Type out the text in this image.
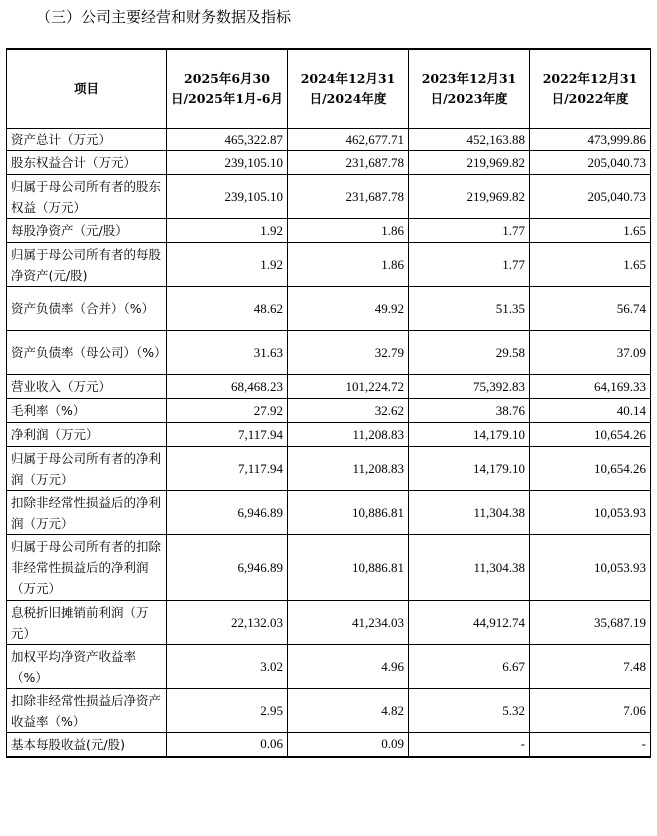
（三）公司主要经营和财务数据及指标
项目	2025年6月30日/2025年1月-6月	2024年12月31日/2024年度	2023年12月31日/2023年度	2022年12月31日/2022年度
资产总计（万元）	465,322.87	462,677.71	452,163.88	473,999.86
股东权益合计（万元）	239,105.10	231,687.78	219,969.82	205,040.73
归属于母公司所有者的股东权益（万元）	239,105.10	231,687.78	219,969.82	205,040.73
每股净资产（元/股）	1.92	1.86	1.77	1.65
归属于母公司所有者的每股净资产(元/股)	1.92	1.86	1.77	1.65
资产负债率（合并）（%）	48.62	49.92	51.35	56.74
资产负债率（母公司）（%）	31.63	32.79	29.58	37.09
营业收入（万元）	68,468.23	101,224.72	75,392.83	64,169.33
毛利率（%）	27.92	32.62	38.76	40.14
净利润（万元）	7,117.94	11,208.83	14,179.10	10,654.26
归属于母公司所有者的净利润（万元）	7,117.94	11,208.83	14,179.10	10,654.26
扣除非经常性损益后的净利润（万元）	6,946.89	10,886.81	11,304.38	10,053.93
归属于母公司所有者的扣除非经常性损益后的净利润（万元）	6,946.89	10,886.81	11,304.38	10,053.93
息税折旧摊销前利润（万元）	22,132.03	41,234.03	44,912.74	35,687.19
加权平均净资产收益率（%）	3.02	4.96	6.67	7.48
扣除非经常性损益后净资产收益率（%）	2.95	4.82	5.32	7.06
基本每股收益(元/股)	0.06	0.09	-	-
